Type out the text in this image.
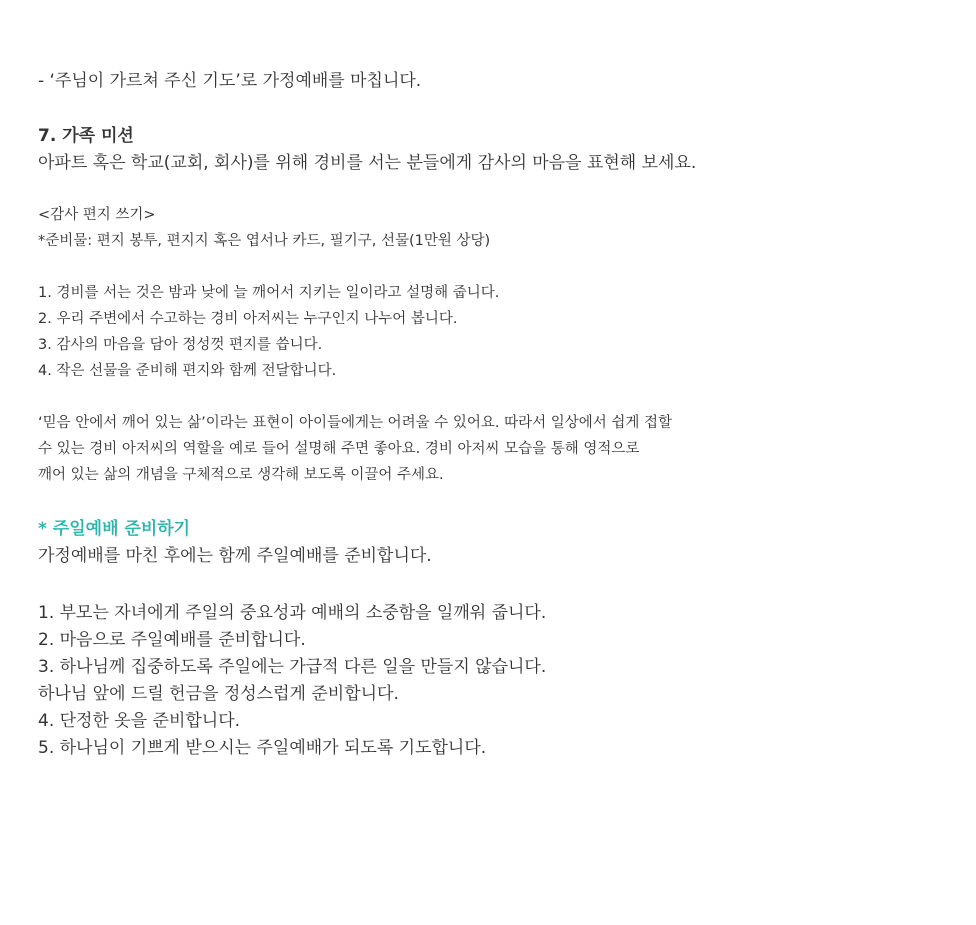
- ‘주님이 가르쳐 주신 기도’로 가정예배를 마칩니다.
7. 가족 미션
아파트 혹은 학교(교회, 회사)를 위해 경비를 서는 분들에게 감사의 마음을 표현해 보세요.
<감사 편지 쓰기>
*준비물: 편지 봉투, 편지지 혹은 엽서나 카드, 필기구, 선물(1만원 상당)
1. 경비를 서는 것은 밤과 낮에 늘 깨어서 지키는 일이라고 설명해 줍니다.
2. 우리 주변에서 수고하는 경비 아저씨는 누구인지 나누어 봅니다.
3. 감사의 마음을 담아 정성껏 편지를 씁니다.
4. 작은 선물을 준비해 편지와 함께 전달합니다.
‘믿음 안에서 깨어 있는 삶’이라는 표현이 아이들에게는 어려울 수 있어요. 따라서 일상에서 쉽게 접할
수 있는 경비 아저씨의 역할을 예로 들어 설명해 주면 좋아요. 경비 아저씨 모습을 통해 영적으로
깨어 있는 삶의 개념을 구체적으로 생각해 보도록 이끌어 주세요.
* 주일예배 준비하기
가정예배를 마친 후에는 함께 주일예배를 준비합니다.
1. 부모는 자녀에게 주일의 중요성과 예배의 소중함을 일깨워 줍니다.
2. 마음으로 주일예배를 준비합니다.
3. 하나님께 집중하도록 주일에는 가급적 다른 일을 만들지 않습니다.
하나님 앞에 드릴 헌금을 정성스럽게 준비합니다.
4. 단정한 옷을 준비합니다.
5. 하나님이 기쁘게 받으시는 주일예배가 되도록 기도합니다.
